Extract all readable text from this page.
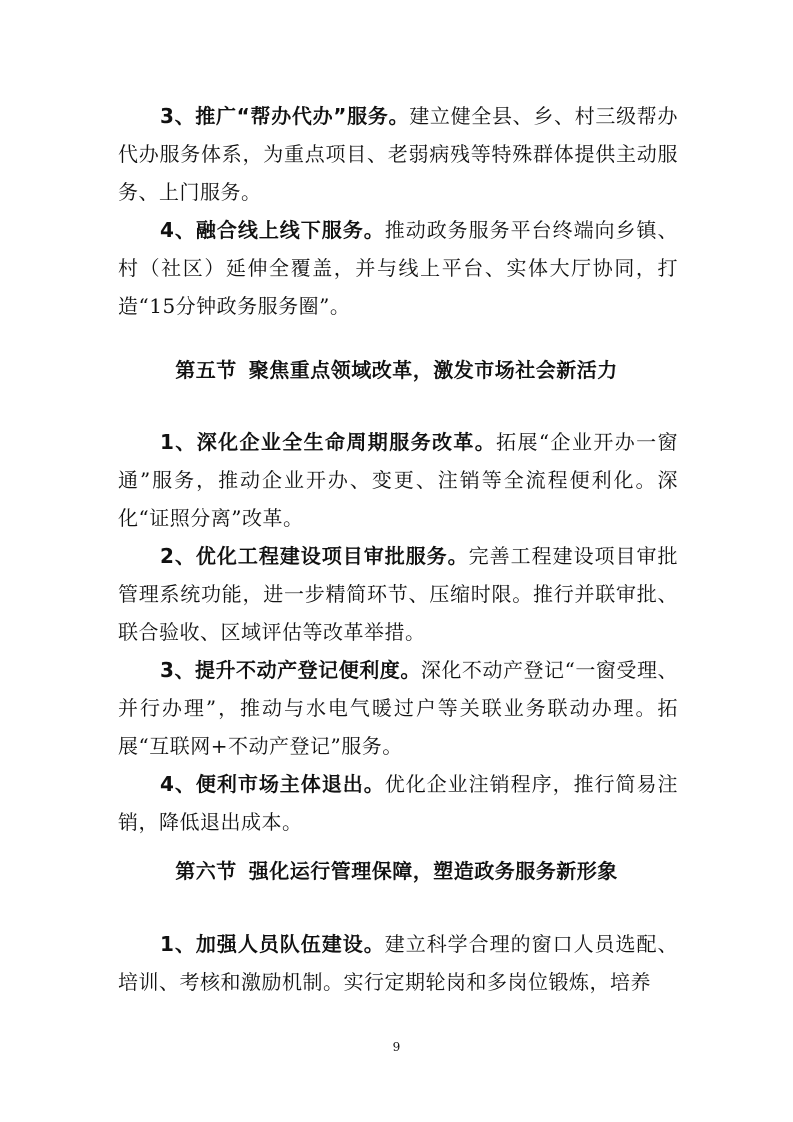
3、推广“帮办代办”服务。建立健全县、乡、村三级帮办代办服务体系，为重点项目、老弱病残等特殊群体提供主动服务、上门服务。

4、融合线上线下服务。推动政务服务平台终端向乡镇、村（社区）延伸全覆盖，并与线上平台、实体大厅协同，打造“15分钟政务服务圈”。

第五节 聚焦重点领域改革，激发市场社会新活力

1、深化企业全生命周期服务改革。拓展“企业开办一窗通”服务，推动企业开办、变更、注销等全流程便利化。深化“证照分离”改革。

2、优化工程建设项目审批服务。完善工程建设项目审批管理系统功能，进一步精简环节、压缩时限。推行并联审批、联合验收、区域评估等改革举措。

3、提升不动产登记便利度。深化不动产登记“一窗受理、并行办理”，推动与水电气暖过户等关联业务联动办理。拓展“互联网+不动产登记”服务。

4、便利市场主体退出。优化企业注销程序，推行简易注销，降低退出成本。

第六节 强化运行管理保障，塑造政务服务新形象

1、加强人员队伍建设。建立科学合理的窗口人员选配、培训、考核和激励机制。实行定期轮岗和多岗位锻炼，培养

9
